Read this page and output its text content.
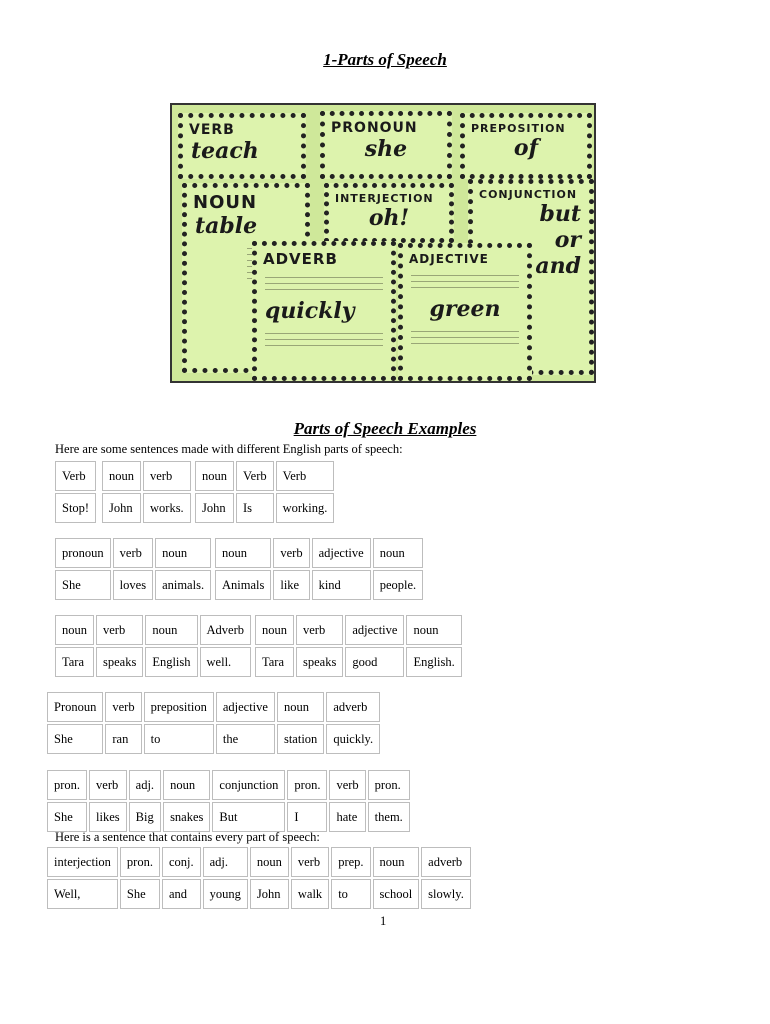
1-Parts of Speech
VERB
teach
PRONOUN
she
PREPOSITION
of
NOUN
table
INTERJECTION
oh!
CONJUNCTION
but or and
ADVERB
quickly
ADJECTIVE
green
Parts of Speech Examples
Here are some sentences made with different English parts of speech:
Verb
Stop!
noun	verb
John	works.
noun	Verb	Verb
John	Is	working.
pronoun	verb	noun
She	loves	animals.
noun	verb	adjective	noun
Animals	like	kind	people.
noun	verb	noun	Adverb
Tara	speaks	English	well.
noun	verb	adjective	noun
Tara	speaks	good	English.
Pronoun	verb	preposition	adjective	noun	adverb
She	ran	to	the	station	quickly.
pron.	verb	adj.	noun	conjunction	pron.	verb	pron.
She	likes	Big	snakes	But	I	hate	them.
Here is a sentence that contains every part of speech:
interjection	pron.	conj.	adj.	noun	verb	prep.	noun	adverb
Well,	She	and	young	John	walk	to	school	slowly.
1
